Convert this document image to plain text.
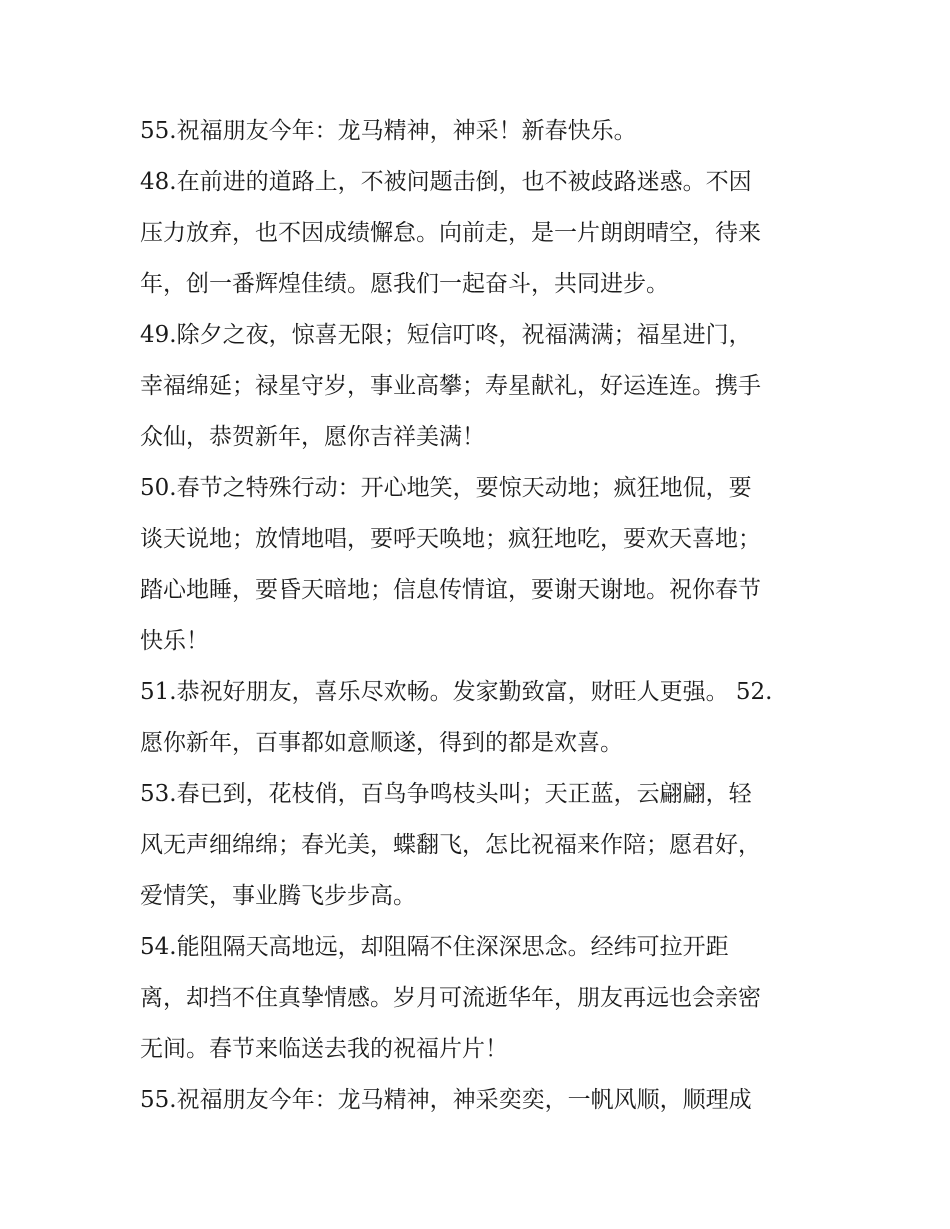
55.祝福朋友今年：龙马精神，神采！新春快乐。
48.在前进的道路上，不被问题击倒，也不被歧路迷惑。不因
压力放弃，也不因成绩懈怠。向前走，是一片朗朗晴空，待来
年，创一番辉煌佳绩。愿我们一起奋斗，共同进步。
49.除夕之夜，惊喜无限；短信叮咚，祝福满满；福星进门，
幸福绵延；禄星守岁，事业高攀；寿星献礼，好运连连。携手
众仙，恭贺新年，愿你吉祥美满！
50.春节之特殊行动：开心地笑，要惊天动地；疯狂地侃，要
谈天说地；放情地唱，要呼天唤地；疯狂地吃，要欢天喜地；
踏心地睡，要昏天暗地；信息传情谊，要谢天谢地。祝你春节
快乐！
51.恭祝好朋友，喜乐尽欢畅。发家勤致富，财旺人更强。 52.
愿你新年，百事都如意顺遂，得到的都是欢喜。
53.春已到，花枝俏，百鸟争鸣枝头叫；天正蓝，云翩翩，轻
风无声细绵绵；春光美，蝶翻飞，怎比祝福来作陪；愿君好，
爱情笑，事业腾飞步步高。
54.能阻隔天高地远，却阻隔不住深深思念。经纬可拉开距
离，却挡不住真挚情感。岁月可流逝华年，朋友再远也会亲密
无间。春节来临送去我的祝福片片！
55.祝福朋友今年：龙马精神，神采奕奕，一帆风顺，顺理成
